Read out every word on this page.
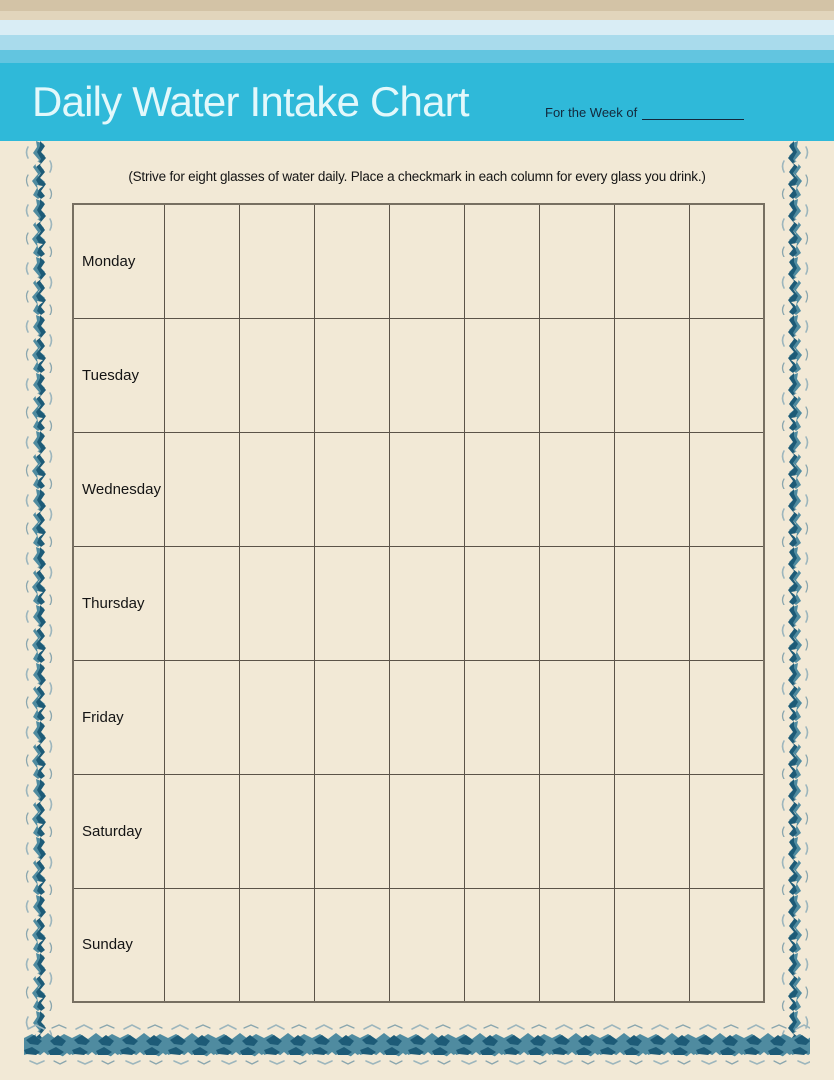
Daily Water Intake Chart	For the Week of
(Strive for eight glasses of water daily. Place a checkmark in each column for every glass you drink.)
Monday								
Tuesday								
Wednesday								
Thursday								
Friday								
Saturday								
Sunday								
